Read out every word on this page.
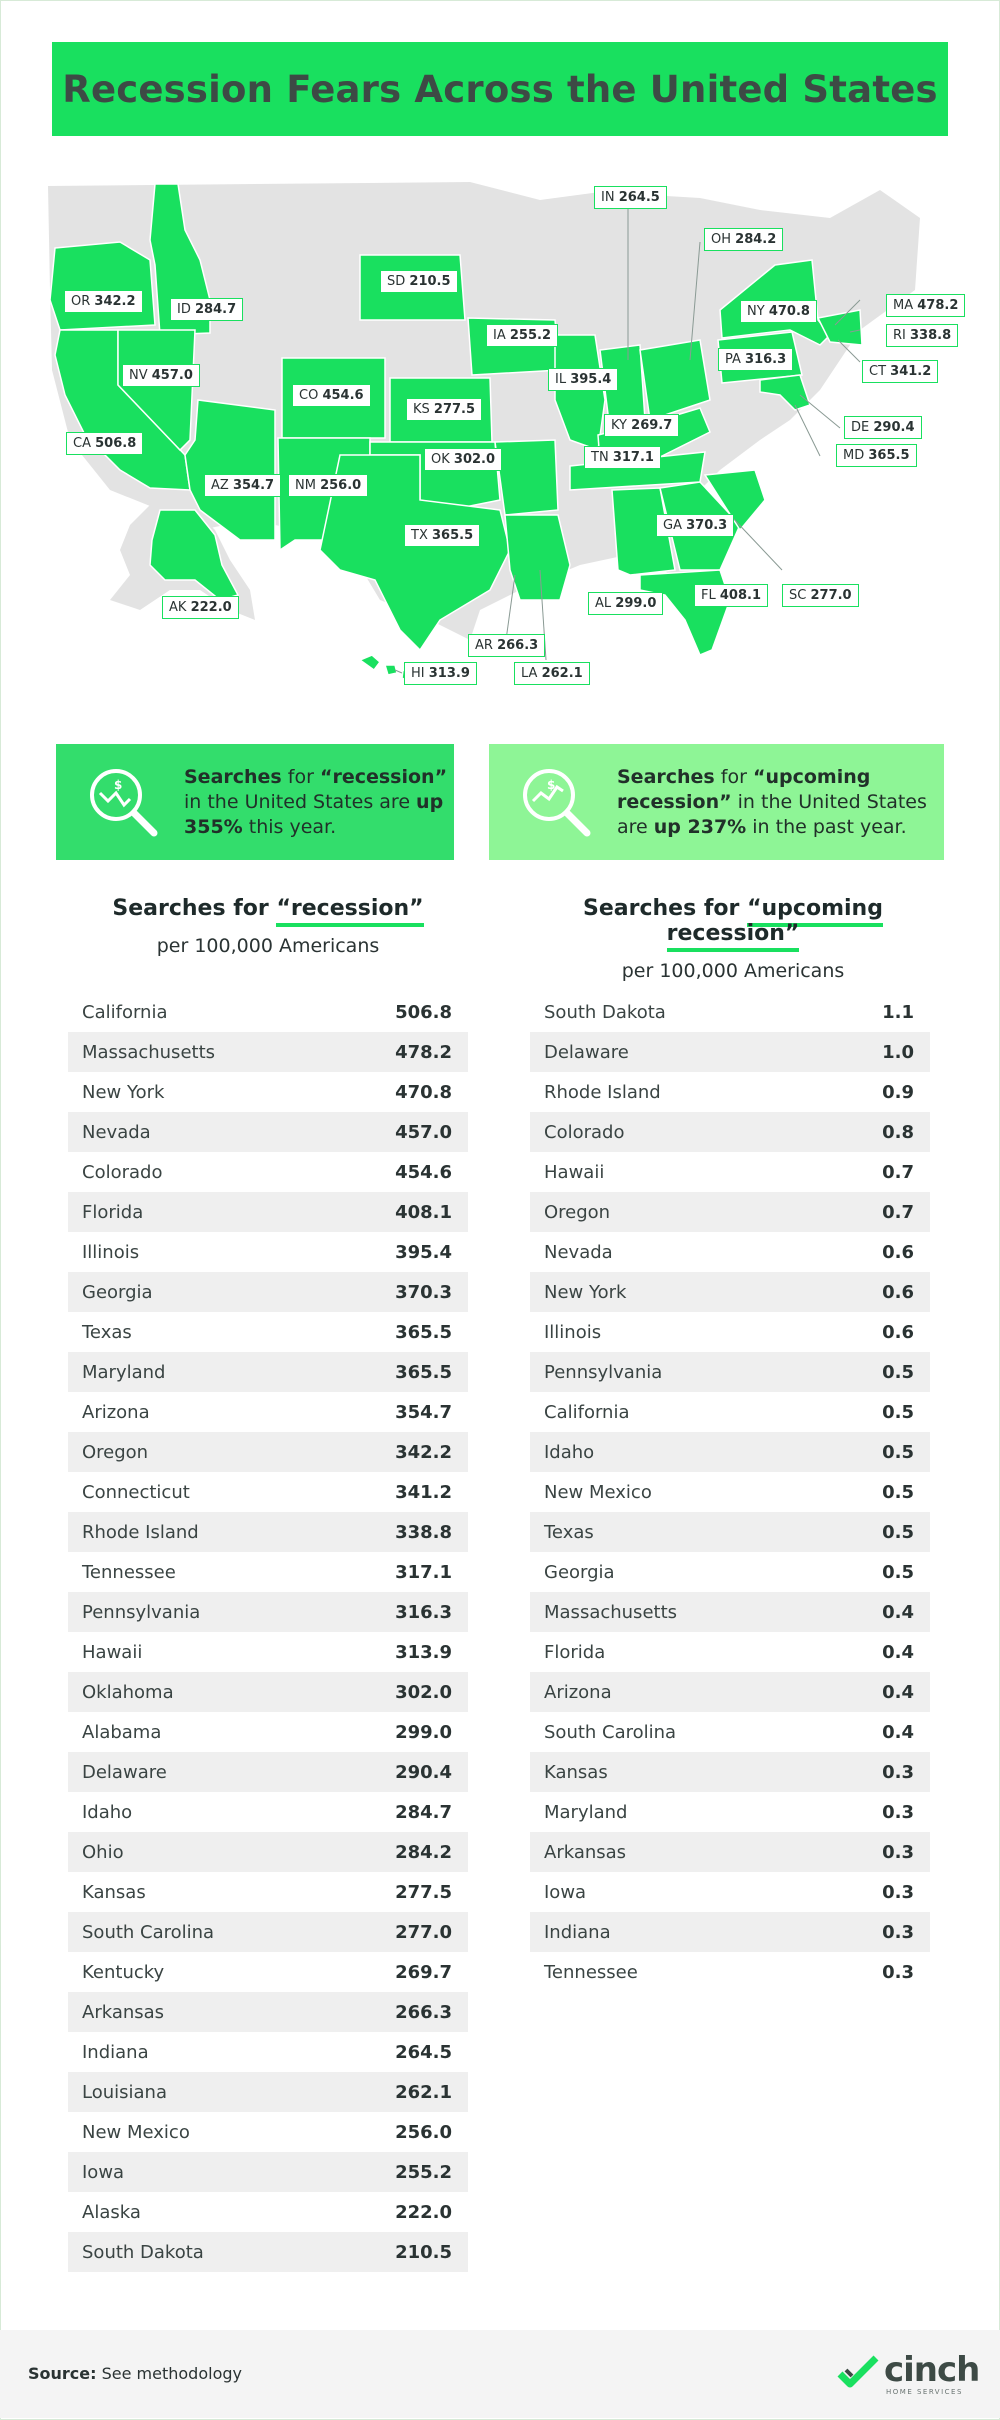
Recession Fears Across the United States
IN 264.5
OH 284.2
SD 210.5
OR 342.2
ID 284.7	NY 470.8	MA 478.2
RI 338.8
IA 255.2
PA 316.3
NV 457.0	IL 395.4
CT 341.2
CO 454.6
KS 277.5
KY 269.7	DE 290.4
CA 506.8
MD 365.5
TN 317.1
OK 302.0
AZ 354.7	NM 256.0
GA 370.3
TX 365.5
FL 408.1	SC 277.0
AL 299.0
AK 222.0
AR 266.3
HI 313.9	LA 262.1
$	Searches for “recession” in the United States are up 355% this year.

$	Searches for “upcoming recession” in the United States are up 237% in the past year.

Searches for “recession”
per 100,000 Americans
Searches for “upcoming recession”
per 100,000 Americans
California	506.8
Massachusetts	478.2
New York	470.8
Nevada	457.0
Colorado	454.6
Florida	408.1
Illinois	395.4
Georgia	370.3
Texas	365.5
Maryland	365.5
Arizona	354.7
Oregon	342.2
Connecticut	341.2
Rhode Island	338.8
Tennessee	317.1
Pennsylvania	316.3
Hawaii	313.9
Oklahoma	302.0
Alabama	299.0
Delaware	290.4
Idaho	284.7
Ohio	284.2
Kansas	277.5
South Carolina	277.0
Kentucky	269.7
Arkansas	266.3
Indiana	264.5
Louisiana	262.1
New Mexico	256.0
Iowa	255.2
Alaska	222.0
South Dakota	210.5
South Dakota	1.1
Delaware	1.0
Rhode Island	0.9
Colorado	0.8
Hawaii	0.7
Oregon	0.7
Nevada	0.6
New York	0.6
Illinois	0.6
Pennsylvania	0.5
California	0.5
Idaho	0.5
New Mexico	0.5
Texas	0.5
Georgia	0.5
Massachusetts	0.4
Florida	0.4
Arizona	0.4
South Carolina	0.4
Kansas	0.3
Maryland	0.3
Arkansas	0.3
Iowa	0.3
Indiana	0.3
Tennessee	0.3
Source: See methodology	cinch
HOME SERVICES
